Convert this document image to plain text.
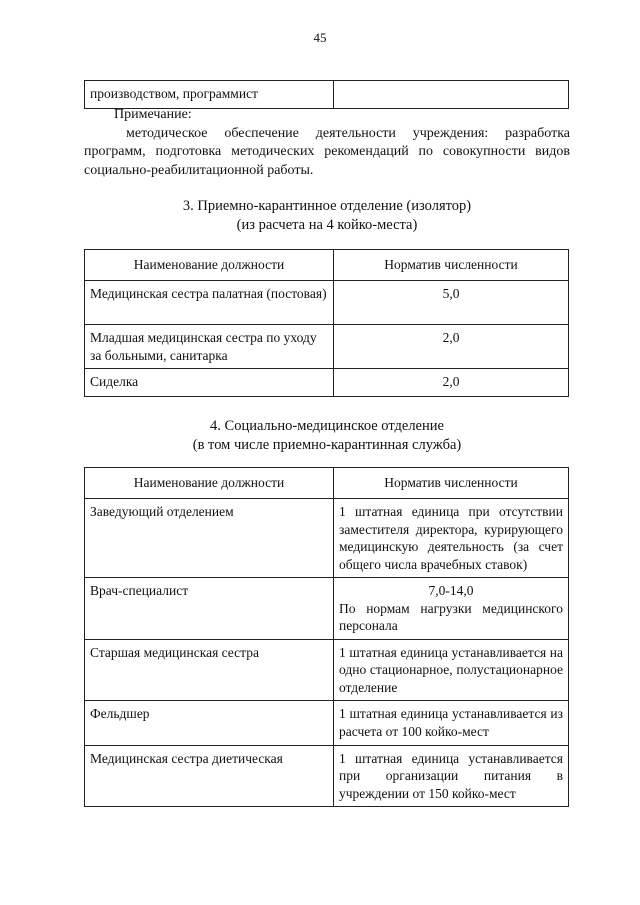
45
производством, программист	
Примечание:
методическое обеспечение деятельности учреждения: разработка программ, подготовка методических рекомендаций по совокупности видов социально-реабилитационной работы.
3. Приемно-карантинное отделение (изолятор)
(из расчета на 4 койко-места)
Наименование должности	Норматив численности
Медицинская сестра палатная (постовая)	5,0
Младшая медицинская сестра по уходу за больными, санитарка	2,0
Сиделка	2,0
4. Социально-медицинское отделение
(в том числе приемно-карантинная служба)
Наименование должности	Норматив численности
Заведующий отделением	1 штатная единица при отсутствии заместителя директора, курирующего медицинскую деятельность (за счет общего числа врачебных ставок)
Врач-специалист	7,0-14,0
По нормам нагрузки медицинского персонала
Старшая медицинская сестра	1 штатная единица устанавливается на одно стационарное, полустационарное отделение
Фельдшер	1 штатная единица устанавливается из расчета от 100 койко-мест
Медицинская сестра диетическая	1 штатная единица устанавливается при организации питания в учреждении от 150 койко-мест
